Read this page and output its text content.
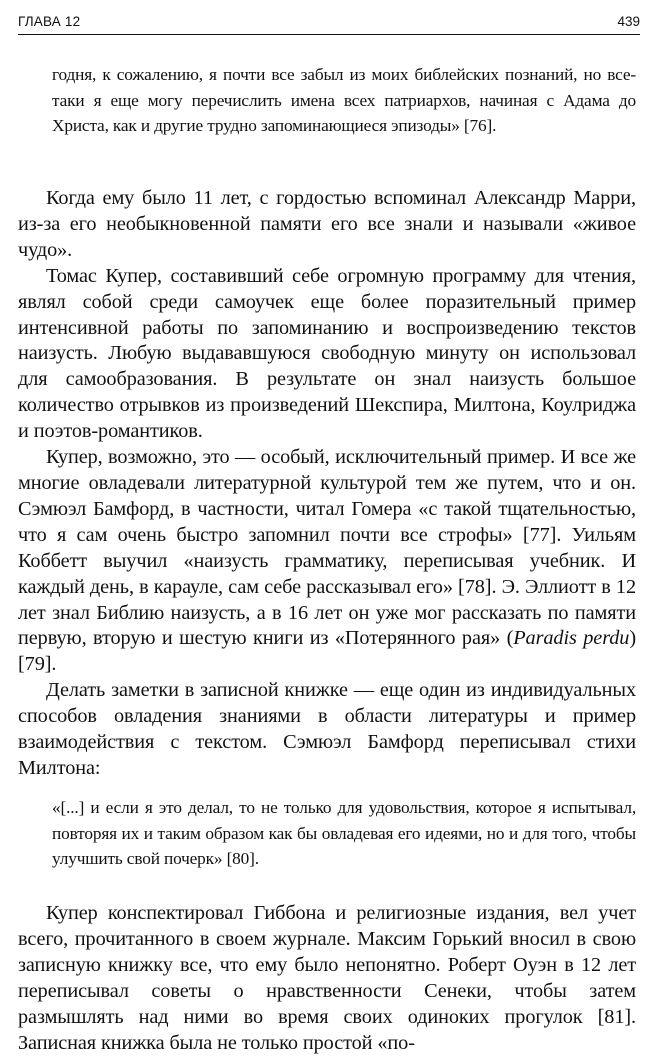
ГЛАВА 12	439

годня, к сожалению, я почти все забыл из моих библейских познаний, но все-таки я еще могу перечислить имена всех патриархов, начиная с Адама до Христа, как и другие трудно запоминающиеся эпизоды» [76].

Когда ему было 11 лет, с гордостью вспоминал Александр Марри, из-за его необыкновенной памяти его все знали и называли «живое чудо».

Томас Купер, составивший себе огромную программу для чтения, являл собой среди самоучек еще более поразительный пример интенсивной работы по запоминанию и воспроизведению текстов наизусть. Любую выдававшуюся свободную минуту он использовал для самообразования. В результате он знал наизусть большое количество отрывков из произведений Шекспира, Милтона, Коулриджа и поэтов-романтиков.

Купер, возможно, это — особый, исключительный пример. И все же многие овладевали литературной культурой тем же путем, что и он. Сэмюэл Бамфорд, в частности, читал Гомера «с такой тщательностью, что я сам очень быстро запомнил почти все строфы» [77]. Уильям Коббетт выучил «наизусть грамматику, переписывая учебник. И каждый день, в карауле, сам себе рассказывал его» [78]. Э. Эллиотт в 12 лет знал Библию наизусть, а в 16 лет он уже мог рассказать по памяти первую, вторую и шестую книги из «Потерянного рая» (Paradis perdu) [79].

Делать заметки в записной книжке — еще один из индивидуальных способов овладения знаниями в области литературы и пример взаимодействия с текстом. Сэмюэл Бамфорд переписывал стихи Милтона:

«[...] и если я это делал, то не только для удовольствия, которое я испытывал, повторяя их и таким образом как бы овладевая его идеями, но и для того, чтобы улучшить свой почерк» [80].

Купер конспектировал Гиббона и религиозные издания, вел учет всего, прочитанного в своем журнале. Максим Горький вносил в свою записную книжку все, что ему было непонятно. Роберт Оуэн в 12 лет переписывал советы о нравственности Сенеки, чтобы затем размышлять над ними во время своих одиноких прогулок [81]. Записная книжка была не только простой «по-
